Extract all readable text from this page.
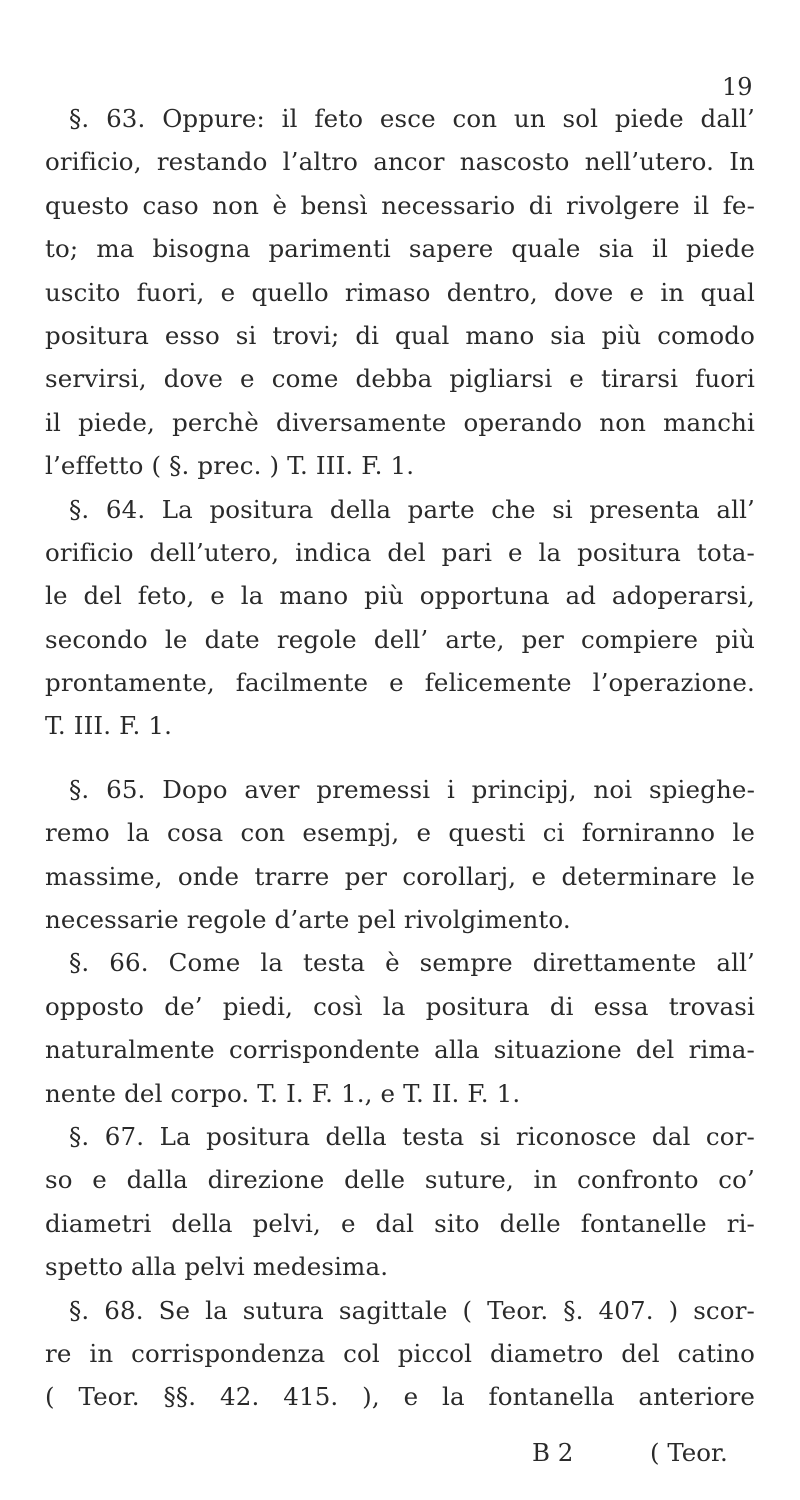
19
§. 63. Oppure: il feto esce con un sol piede dall’
orificio, restando l’altro ancor nascosto nell’utero. In
questo caso non è bensì necessario di rivolgere il fe-
to; ma bisogna parimenti sapere quale sia il piede
uscito fuori, e quello rimaso dentro, dove e in qual
positura esso si trovi; di qual mano sia più comodo
servirsi, dove e come debba pigliarsi e tirarsi fuori
il piede, perchè diversamente operando non manchi
l’effetto ( §. prec. ) T. III. F. 1.
§. 64. La positura della parte che si presenta all’
orificio dell’utero, indica del pari e la positura tota-
le del feto, e la mano più opportuna ad adoperarsi,
secondo le date regole dell’ arte, per compiere più
prontamente, facilmente e felicemente l’operazione.
T. III. F. 1.
§. 65. Dopo aver premessi i principj, noi spieghe-
remo la cosa con esempj, e questi ci forniranno le
massime, onde trarre per corollarj, e determinare le
necessarie regole d’arte pel rivolgimento.
§. 66. Come la testa è sempre direttamente all’
opposto de’ piedi, così la positura di essa trovasi
naturalmente corrispondente alla situazione del rima-
nente del corpo. T. I. F. 1., e T. II. F. 1.
§. 67. La positura della testa si riconosce dal cor-
so e dalla direzione delle suture, in confronto co’
diametri della pelvi, e dal sito delle fontanelle ri-
spetto alla pelvi medesima.
§. 68. Se la sutura sagittale ( Teor. §. 407. ) scor-
re in corrispondenza col piccol diametro del catino
( Teor. §§. 42. 415. ), e la fontanella anteriore
B 2	( Teor.
